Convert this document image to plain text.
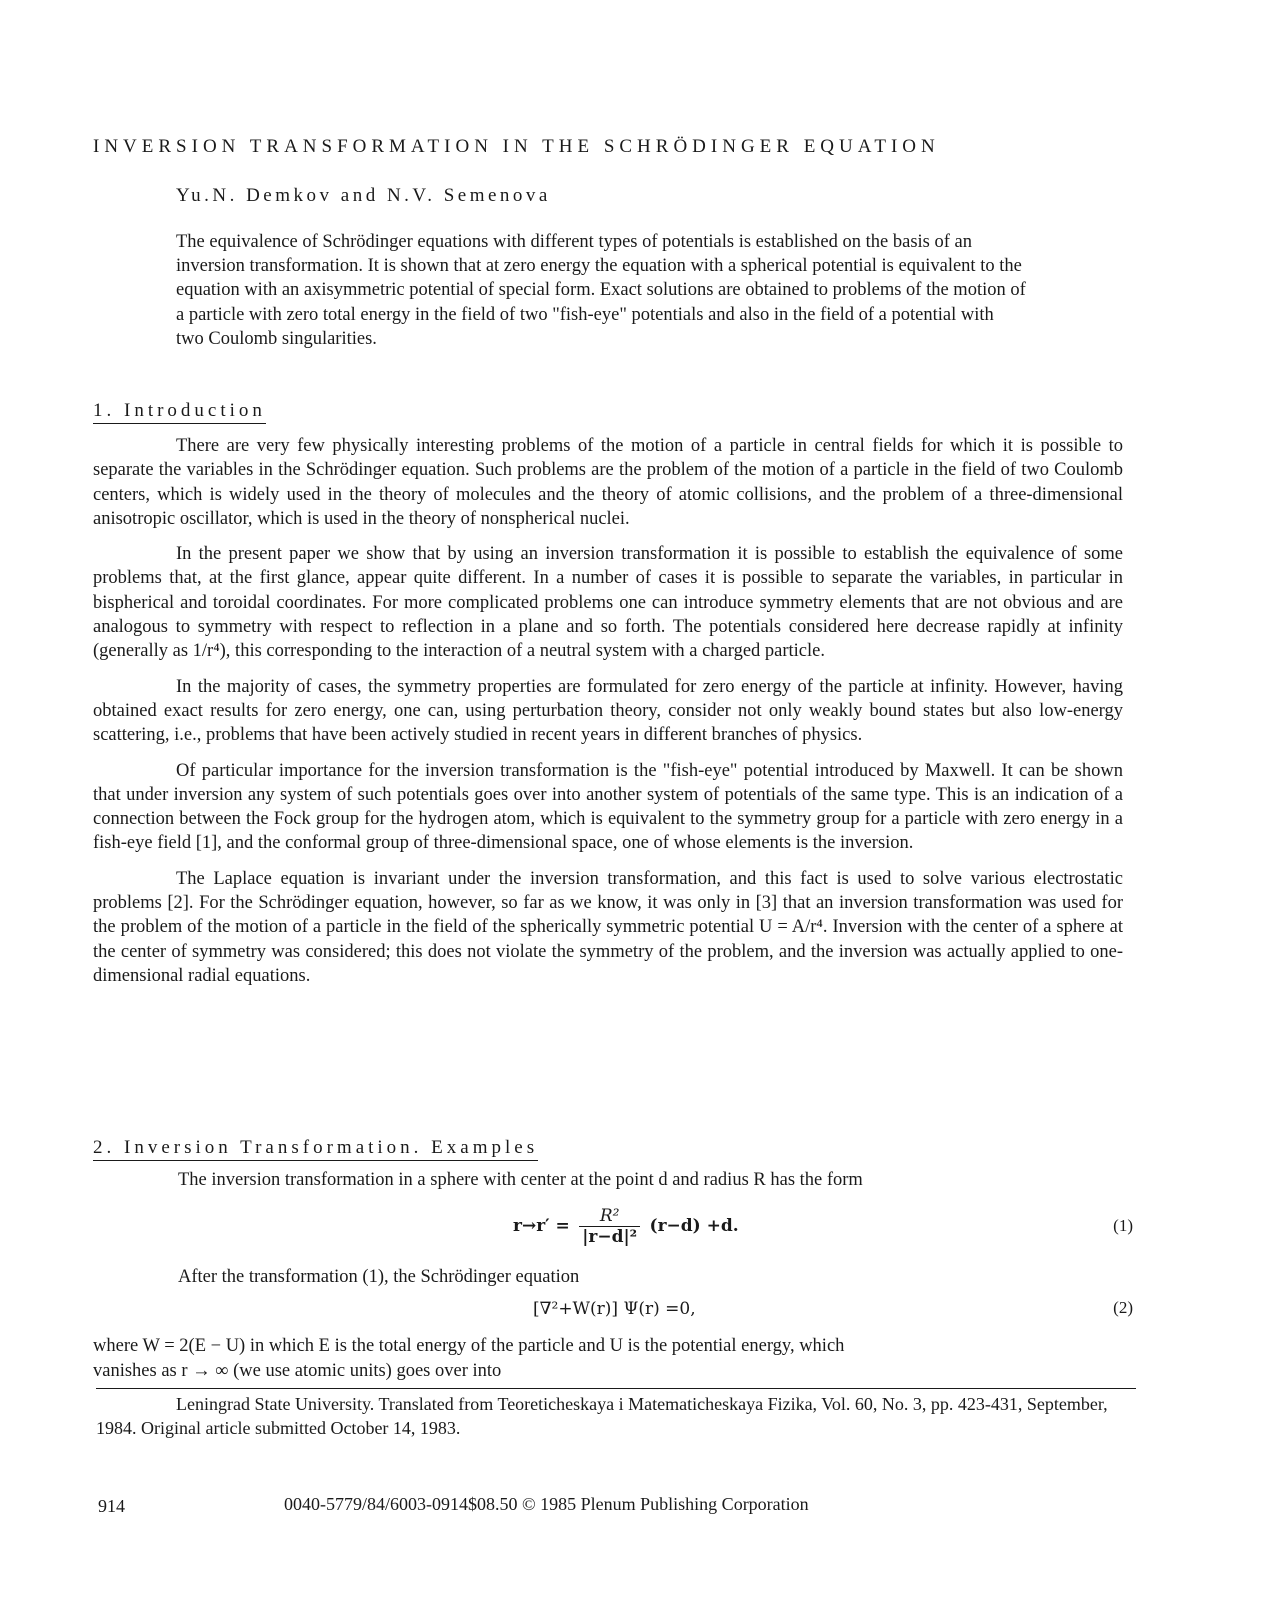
INVERSION TRANSFORMATION IN THE SCHRÖDINGER EQUATION
Yu.N. Demkov and N.V. Semenova

The equivalence of Schrödinger equations with different types of potentials is established on the basis of an inversion transformation. It is shown that at zero energy the equation with a spherical potential is equivalent to the equation with an axisymmetric potential of special form. Exact solutions are obtained to problems of the motion of a particle with zero total energy in the field of two "fish-eye" potentials and also in the field of a potential with two Coulomb singularities.

1. Introduction

There are very few physically interesting problems of the motion of a particle in central fields for which it is possible to separate the variables in the Schrödinger equation. Such problems are the problem of the motion of a particle in the field of two Coulomb centers, which is widely used in the theory of molecules and the theory of atomic collisions, and the problem of a three-dimensional anisotropic oscillator, which is used in the theory of nonspherical nuclei.

In the present paper we show that by using an inversion transformation it is possible to establish the equivalence of some problems that, at the first glance, appear quite different. In a number of cases it is possible to separate the variables, in particular in bispherical and toroidal coordinates. For more complicated problems one can introduce symmetry elements that are not obvious and are analogous to symmetry with respect to reflection in a plane and so forth. The potentials considered here decrease rapidly at infinity (generally as 1/r⁴), this corresponding to the interaction of a neutral system with a charged particle.

In the majority of cases, the symmetry properties are formulated for zero energy of the particle at infinity. However, having obtained exact results for zero energy, one can, using perturbation theory, consider not only weakly bound states but also low-energy scattering, i.e., problems that have been actively studied in recent years in different branches of physics.

Of particular importance for the inversion transformation is the "fish-eye" potential introduced by Maxwell. It can be shown that under inversion any system of such potentials goes over into another system of potentials of the same type. This is an indication of a connection between the Fock group for the hydrogen atom, which is equivalent to the symmetry group for a particle with zero energy in a fish-eye field [1], and the conformal group of three-dimensional space, one of whose elements is the inversion.

The Laplace equation is invariant under the inversion transformation, and this fact is used to solve various electrostatic problems [2]. For the Schrödinger equation, however, so far as we know, it was only in [3] that an inversion transformation was used for the problem of the motion of a particle in the field of the spherically symmetric potential U = A/r⁴. Inversion with the center of a sphere at the center of symmetry was considered; this does not violate the symmetry of the problem, and the inversion was actually applied to one-dimensional radial equations.

2. Inversion Transformation. Examples
The inversion transformation in a sphere with center at the point d and radius R has the form
$r\to r' = \frac{\text{R²}}{\text{|r−d|²}} (r-d) +d$.	(1)
After the transformation (1), the Schrödinger equation
[∇²+W(r)] Ψ(r) =0,	(2)
where W = 2(E − U) in which E is the total energy of the particle and U is the potential energy, which
vanishes as r → ∞ (we use atomic units) goes over into

Leningrad State University. Translated from Teoreticheskaya i Matematicheskaya Fizika, Vol. 60, No. 3, pp. 423-431, September, 1984. Original article submitted October 14, 1983.

914	0040-5779/84/6003-0914$08.50 © 1985 Plenum Publishing Corporation
